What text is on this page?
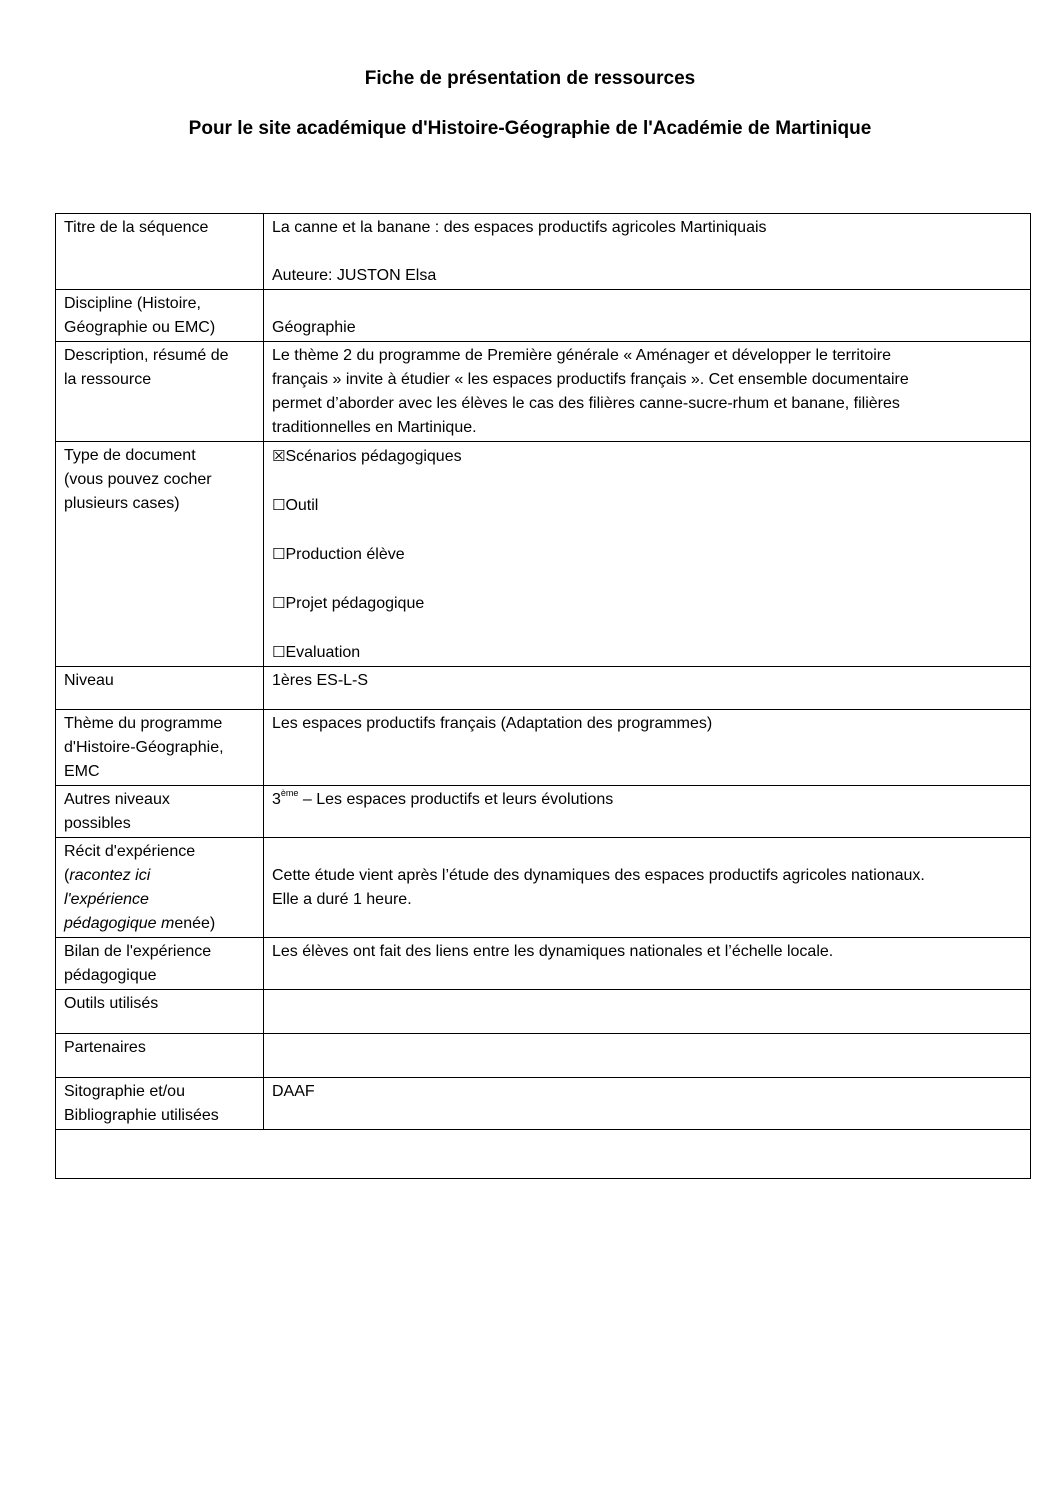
Fiche de présentation de ressources
Pour le site académique d'Histoire-Géographie de l'Académie de Martinique
Titre de la séquence	La canne et la banane : des espaces productifs agricoles Martiniquais
Auteure: JUSTON Elsa

Discipline (Histoire,
Géographie ou EMC)	Géographie

Description, résumé de
la ressource	Le thème 2 du programme de Première générale « Aménager et développer le territoire
français » invite à étudier « les espaces productifs français ». Cet ensemble documentaire
permet d’aborder avec les élèves le cas des filières canne-sucre-rhum et banane, filières
traditionnelles en Martinique.

Type de document
(vous pouvez cocher
plusieurs cases)	☒Scénarios pédagogiques
☐Outil
☐Production élève
☐Projet pédagogique
☐Evaluation

Niveau	1ères ES-L-S

Thème du programme
d'Histoire-Géographie,
EMC	Les espaces productifs français (Adaptation des programmes)

Autres niveaux
possibles	3ème – Les espaces productifs et leurs évolutions

Récit d'expérience
(racontez ici
l'expérience
pédagogique menée)	Cette étude vient après l’étude des dynamiques des espaces productifs agricoles nationaux.
Elle a duré 1 heure.

Bilan de l'expérience
pédagogique	Les élèves ont fait des liens entre les dynamiques nationales et l’échelle locale.
Outils utilisés	
Partenaires	

Sitographie et/ou
Bibliographie utilisées	DAAF
